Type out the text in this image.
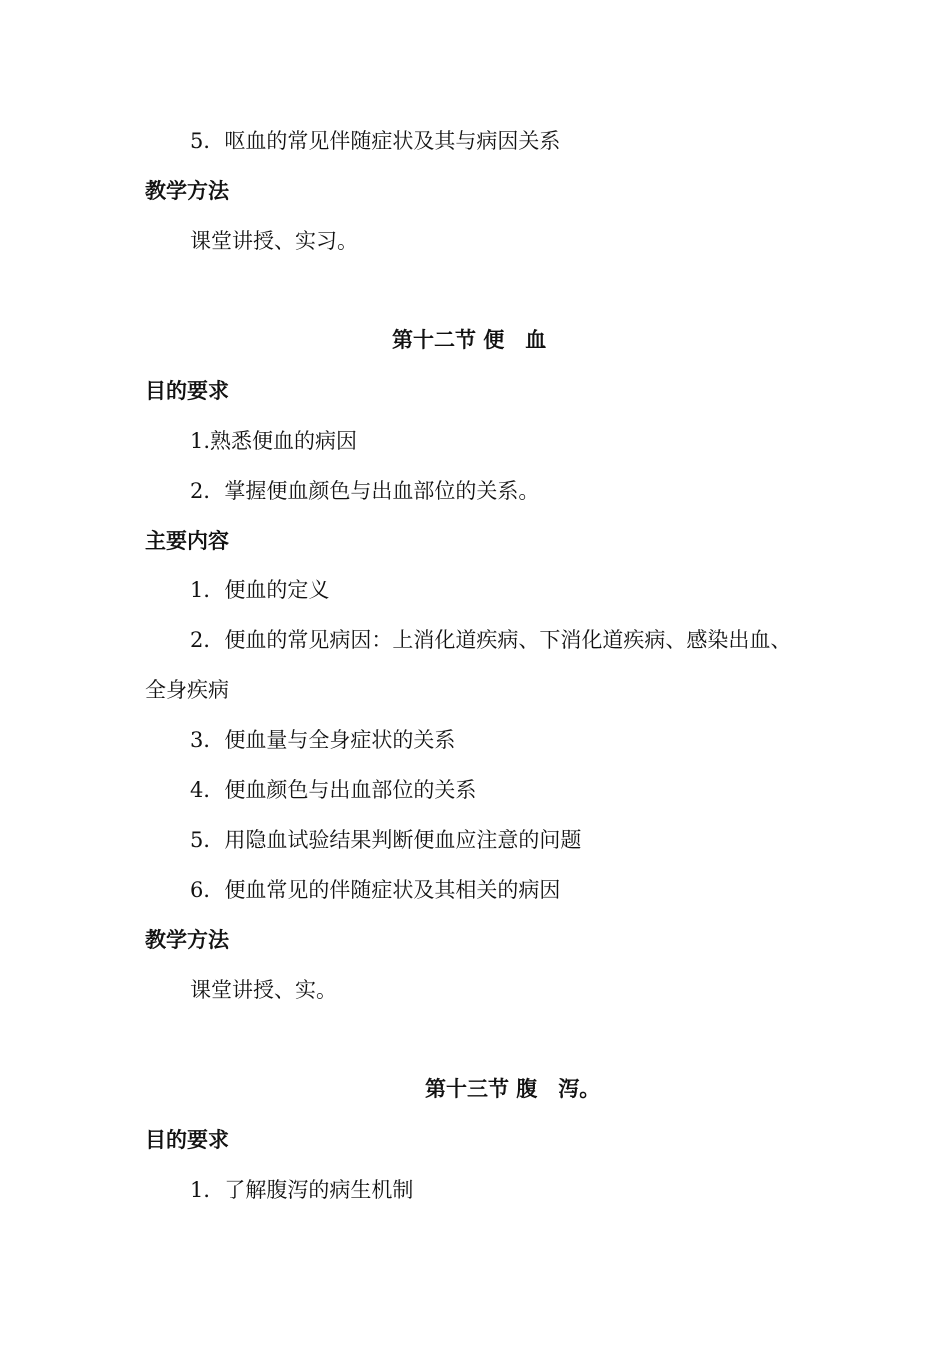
5．呕血的常见伴随症状及其与病因关系
教学方法
课堂讲授、实习。
第十二节 便　血
目的要求
1.熟悉便血的病因
2．掌握便血颜色与出血部位的关系。
主要内容
1．便血的定义
2．便血的常见病因：上消化道疾病、下消化道疾病、感染出血、
全身疾病
3．便血量与全身症状的关系
4．便血颜色与出血部位的关系
5．用隐血试验结果判断便血应注意的问题
6．便血常见的伴随症状及其相关的病因
教学方法
课堂讲授、实。
第十三节 腹　泻。
目的要求
1．了解腹泻的病生机制
